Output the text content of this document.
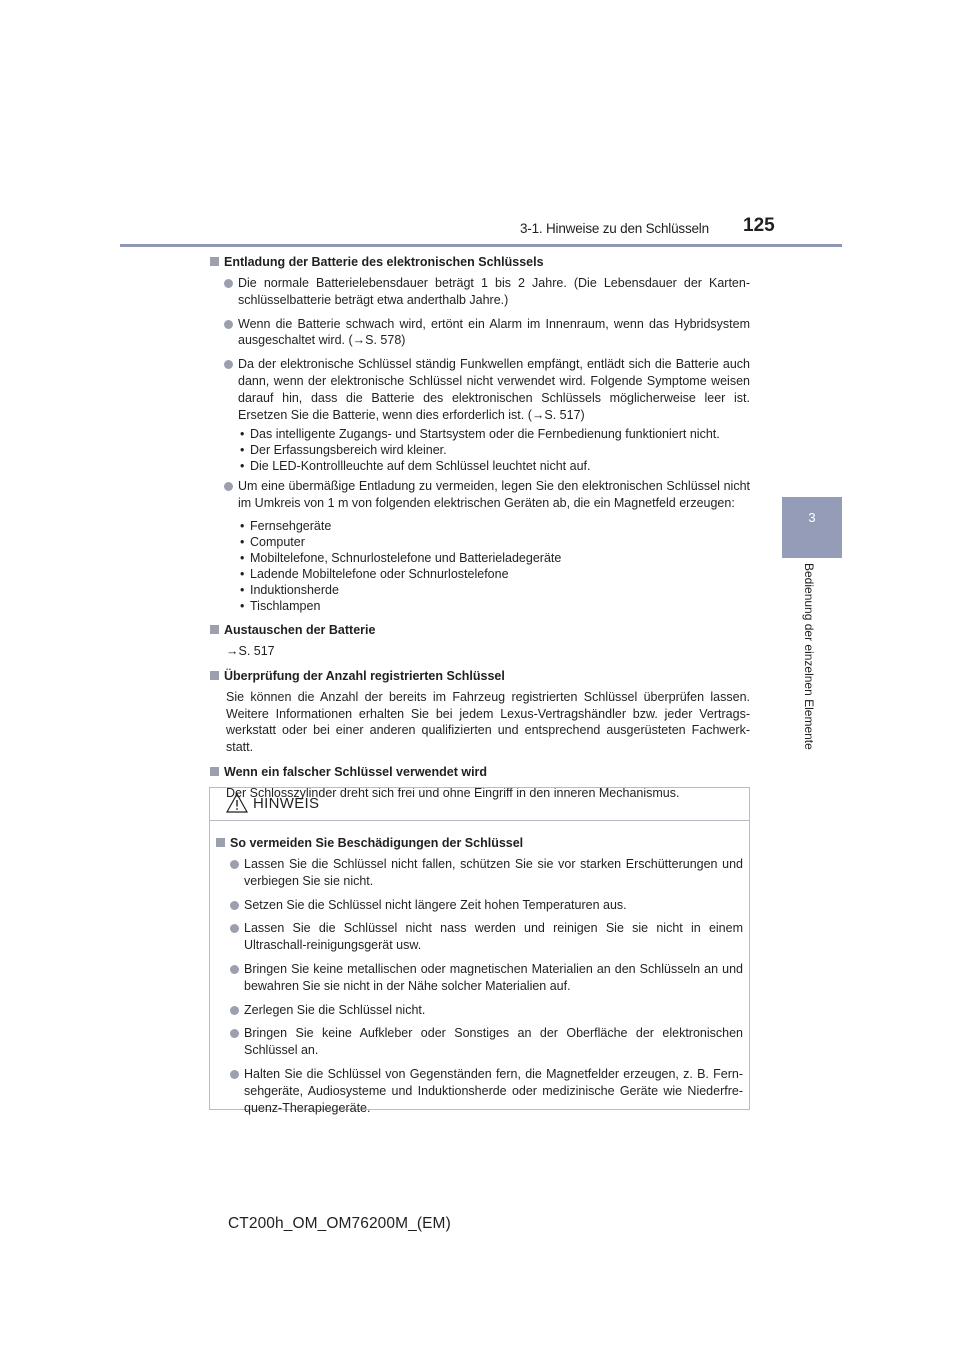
3-1. Hinweise zu den Schlüsseln 125
3
Bedienung der einzelnen Elemente
Entladung der Batterie des elektronischen Schlüssels
Die normale Batterielebensdauer beträgt 1 bis 2 Jahre. (Die Lebensdauer der Karten-schlüsselbatterie beträgt etwa anderthalb Jahre.)
Wenn die Batterie schwach wird, ertönt ein Alarm im Innenraum, wenn das Hybridsystem ausgeschaltet wird. (→S. 578)
Da der elektronische Schlüssel ständig Funkwellen empfängt, entlädt sich die Batterie auch dann, wenn der elektronische Schlüssel nicht verwendet wird. Folgende Symptome weisen darauf hin, dass die Batterie des elektronischen Schlüssels möglicherweise leer ist. Ersetzen Sie die Batterie, wenn dies erforderlich ist. (→S. 517)
• Das intelligente Zugangs- und Startsystem oder die Fernbedienung funktioniert nicht.
• Der Erfassungsbereich wird kleiner.
• Die LED-Kontrollleuchte auf dem Schlüssel leuchtet nicht auf.
Um eine übermäßige Entladung zu vermeiden, legen Sie den elektronischen Schlüssel nicht im Umkreis von 1 m von folgenden elektrischen Geräten ab, die ein Magnetfeld erzeugen:
• Fernsehgeräte
• Computer
• Mobiltelefone, Schnurlostelefone und Batterieladegeräte
• Ladende Mobiltelefone oder Schnurlostelefone
• Induktionsherde
• Tischlampen
Austauschen der Batterie
→S. 517
Überprüfung der Anzahl registrierten Schlüssel
Sie können die Anzahl der bereits im Fahrzeug registrierten Schlüssel überprüfen lassen. Weitere Informationen erhalten Sie bei jedem Lexus-Vertragshändler bzw. jeder Vertrags-werkstatt oder bei einer anderen qualifizierten und entsprechend ausgerüsteten Fachwerk-statt.
Wenn ein falscher Schlüssel verwendet wird
Der Schlosszylinder dreht sich frei und ohne Eingriff in den inneren Mechanismus.
HINWEIS
So vermeiden Sie Beschädigungen der Schlüssel
Lassen Sie die Schlüssel nicht fallen, schützen Sie sie vor starken Erschütterungen und verbiegen Sie sie nicht.
Setzen Sie die Schlüssel nicht längere Zeit hohen Temperaturen aus.
Lassen Sie die Schlüssel nicht nass werden und reinigen Sie sie nicht in einem Ultraschall-reinigungsgerät usw.
Bringen Sie keine metallischen oder magnetischen Materialien an den Schlüsseln an und bewahren Sie sie nicht in der Nähe solcher Materialien auf.
Zerlegen Sie die Schlüssel nicht.
Bringen Sie keine Aufkleber oder Sonstiges an der Oberfläche der elektronischen Schlüssel an.
Halten Sie die Schlüssel von Gegenständen fern, die Magnetfelder erzeugen, z. B. Fern-sehgeräte, Audiosysteme und Induktionsherde oder medizinische Geräte wie Niederfre-quenz-Therapiegeräte.
CT200h_OM_OM76200M_(EM)
